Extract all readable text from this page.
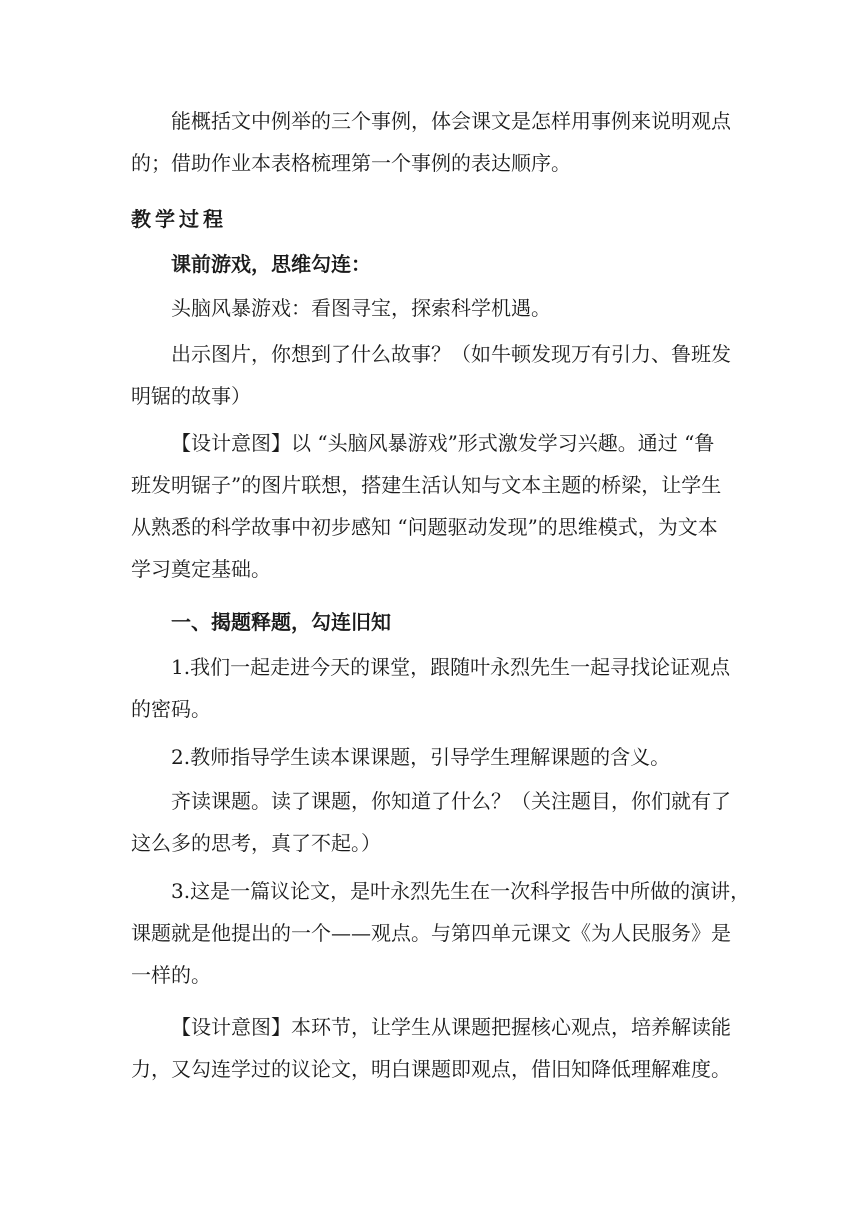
能概括文中例举的三个事例，体会课文是怎样用事例来说明观点
的；借助作业本表格梳理第一个事例的表达顺序。
教学过程
课前游戏，思维勾连：
头脑风暴游戏：看图寻宝，探索科学机遇。
出示图片，你想到了什么故事？（如牛顿发现万有引力、鲁班发
明锯的故事）
【设计意图】以 “头脑风暴游戏”形式激发学习兴趣。通过 “鲁
班发明锯子”的图片联想，搭建生活认知与文本主题的桥梁，让学生
从熟悉的科学故事中初步感知 “问题驱动发现”的思维模式，为文本
学习奠定基础。
一、揭题释题，勾连旧知
1.我们一起走进今天的课堂，跟随叶永烈先生一起寻找论证观点
的密码。
2.教师指导学生读本课课题，引导学生理解课题的含义。
齐读课题。读了课题，你知道了什么？（关注题目，你们就有了
这么多的思考，真了不起。）
3.这是一篇议论文，是叶永烈先生在一次科学报告中所做的演讲，
课题就是他提出的一个——观点。与第四单元课文《为人民服务》是
一样的。
【设计意图】本环节，让学生从课题把握核心观点，培养解读能
力，又勾连学过的议论文，明白课题即观点，借旧知降低理解难度。
